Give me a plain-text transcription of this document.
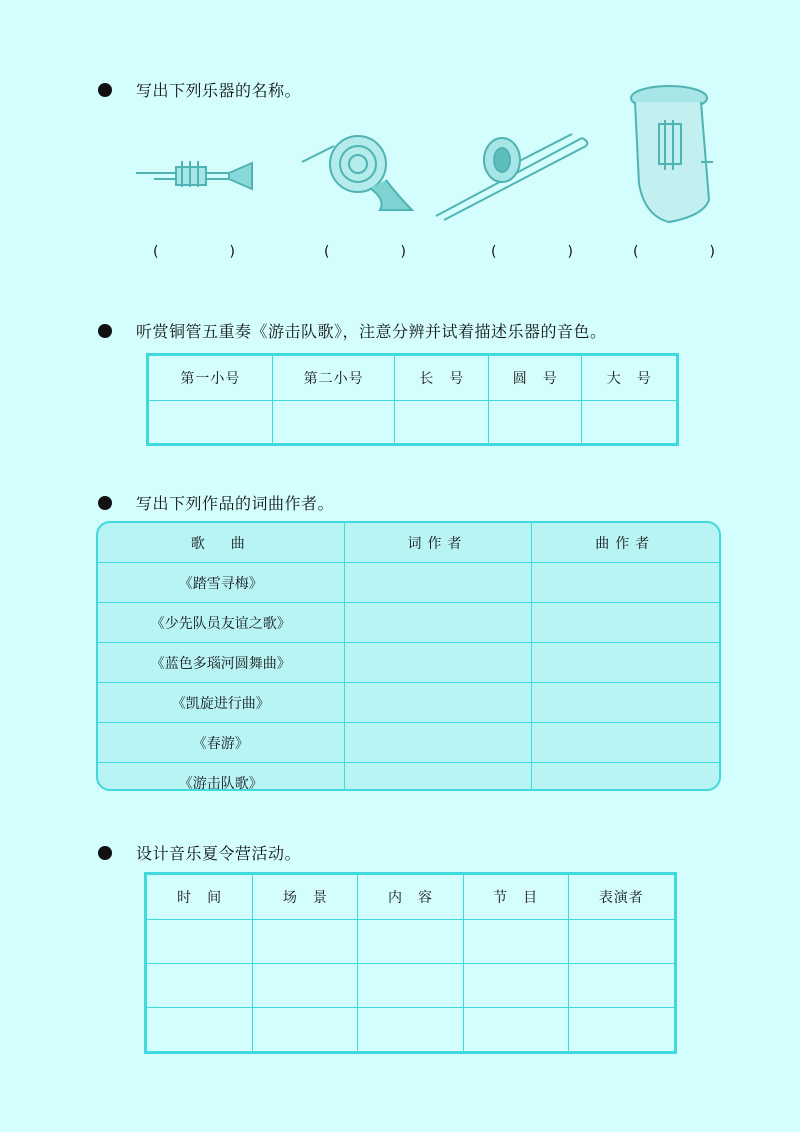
写出下列乐器的名称。
(	)	(	)	(	)	(	)
听赏铜管五重奏《游击队歌》，注意分辨并试着描述乐器的音色。
第一小号	第二小号	长　号	圆　号	大　号

写出下列作品的词曲作者。
歌　曲	词作者	曲作者
《踏雪寻梅》		
《少先队员友谊之歌》		
《蓝色多瑙河圆舞曲》		
《凯旋进行曲》		
《春游》		
《游击队歌》		
设计音乐夏令营活动。
时　间	场　景	内　容	节　目	表演者
